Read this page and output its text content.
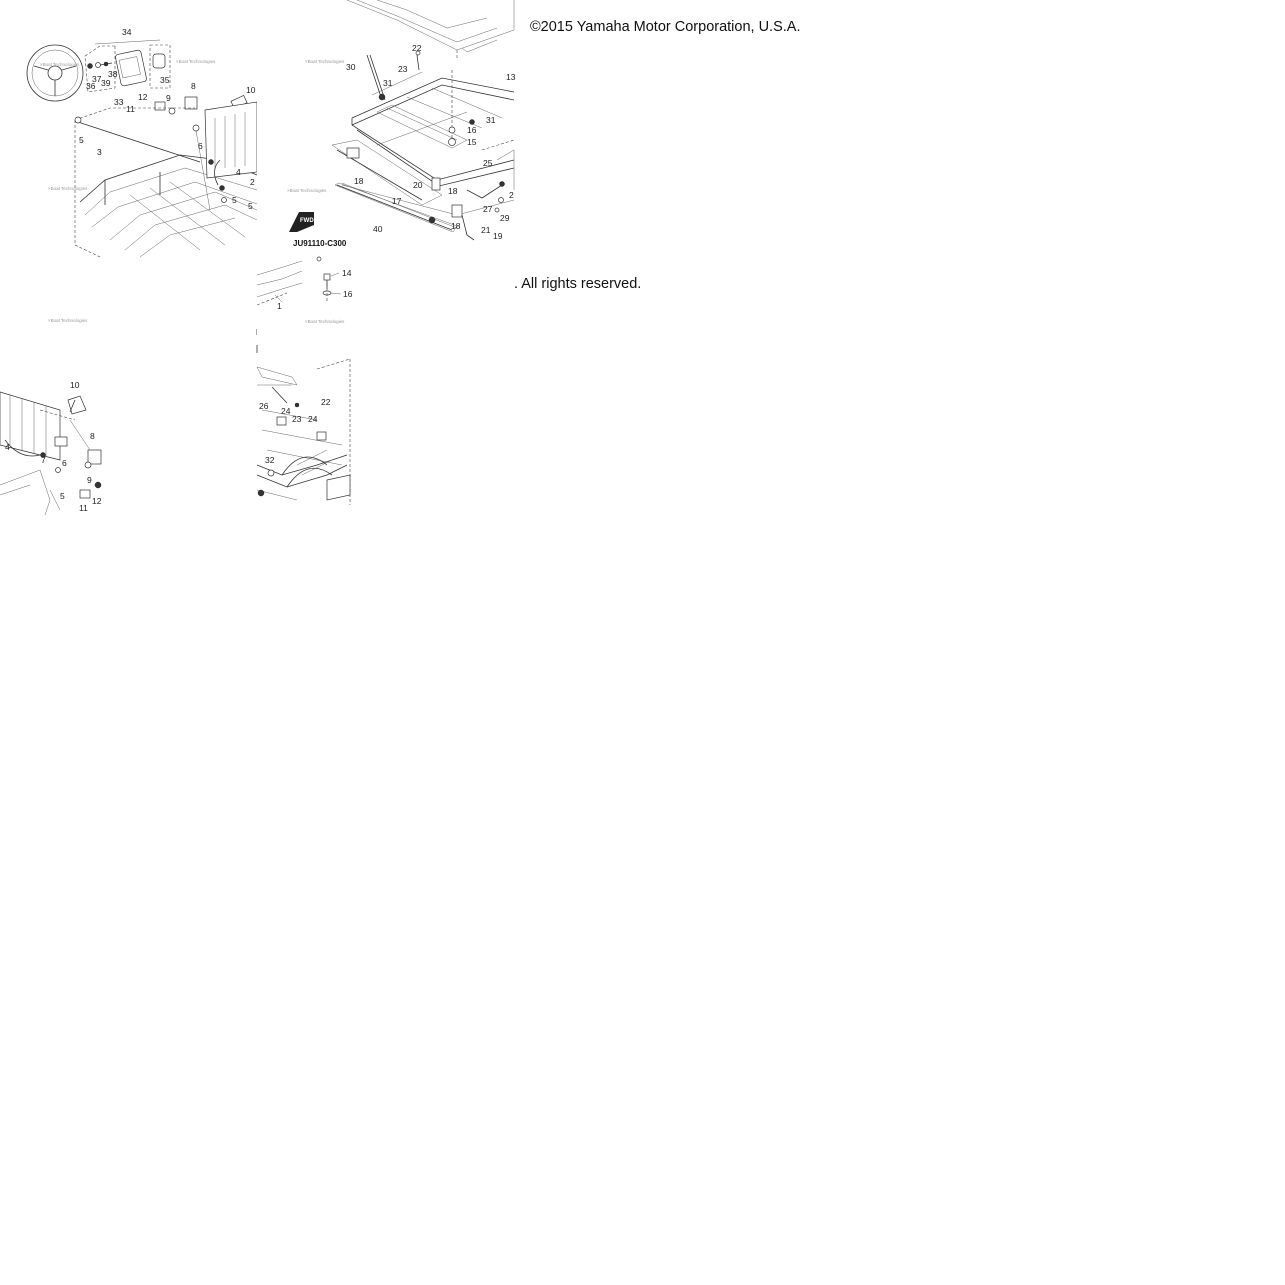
©2015 Yamaha Motor Corporation, U.S.A.
. All rights reserved.
×Boat Technologies
×Boat Technologies
34
37
36 39
38
33
35
12 9
8	10
11
×Boat Technologies
5
3
6
4
5
2
5
×Boat Technologies
×Boat Technologies
22
30	23
13
31
16
15
31
25
18	20
18
17
2
27
29
40	18 21
19
FWD
JU91110-C300
14
16
1
×Boat Technologies
10
8
4
7 6
9
5	12
11
×Boat Technologies
26	22
24
23 24
32
